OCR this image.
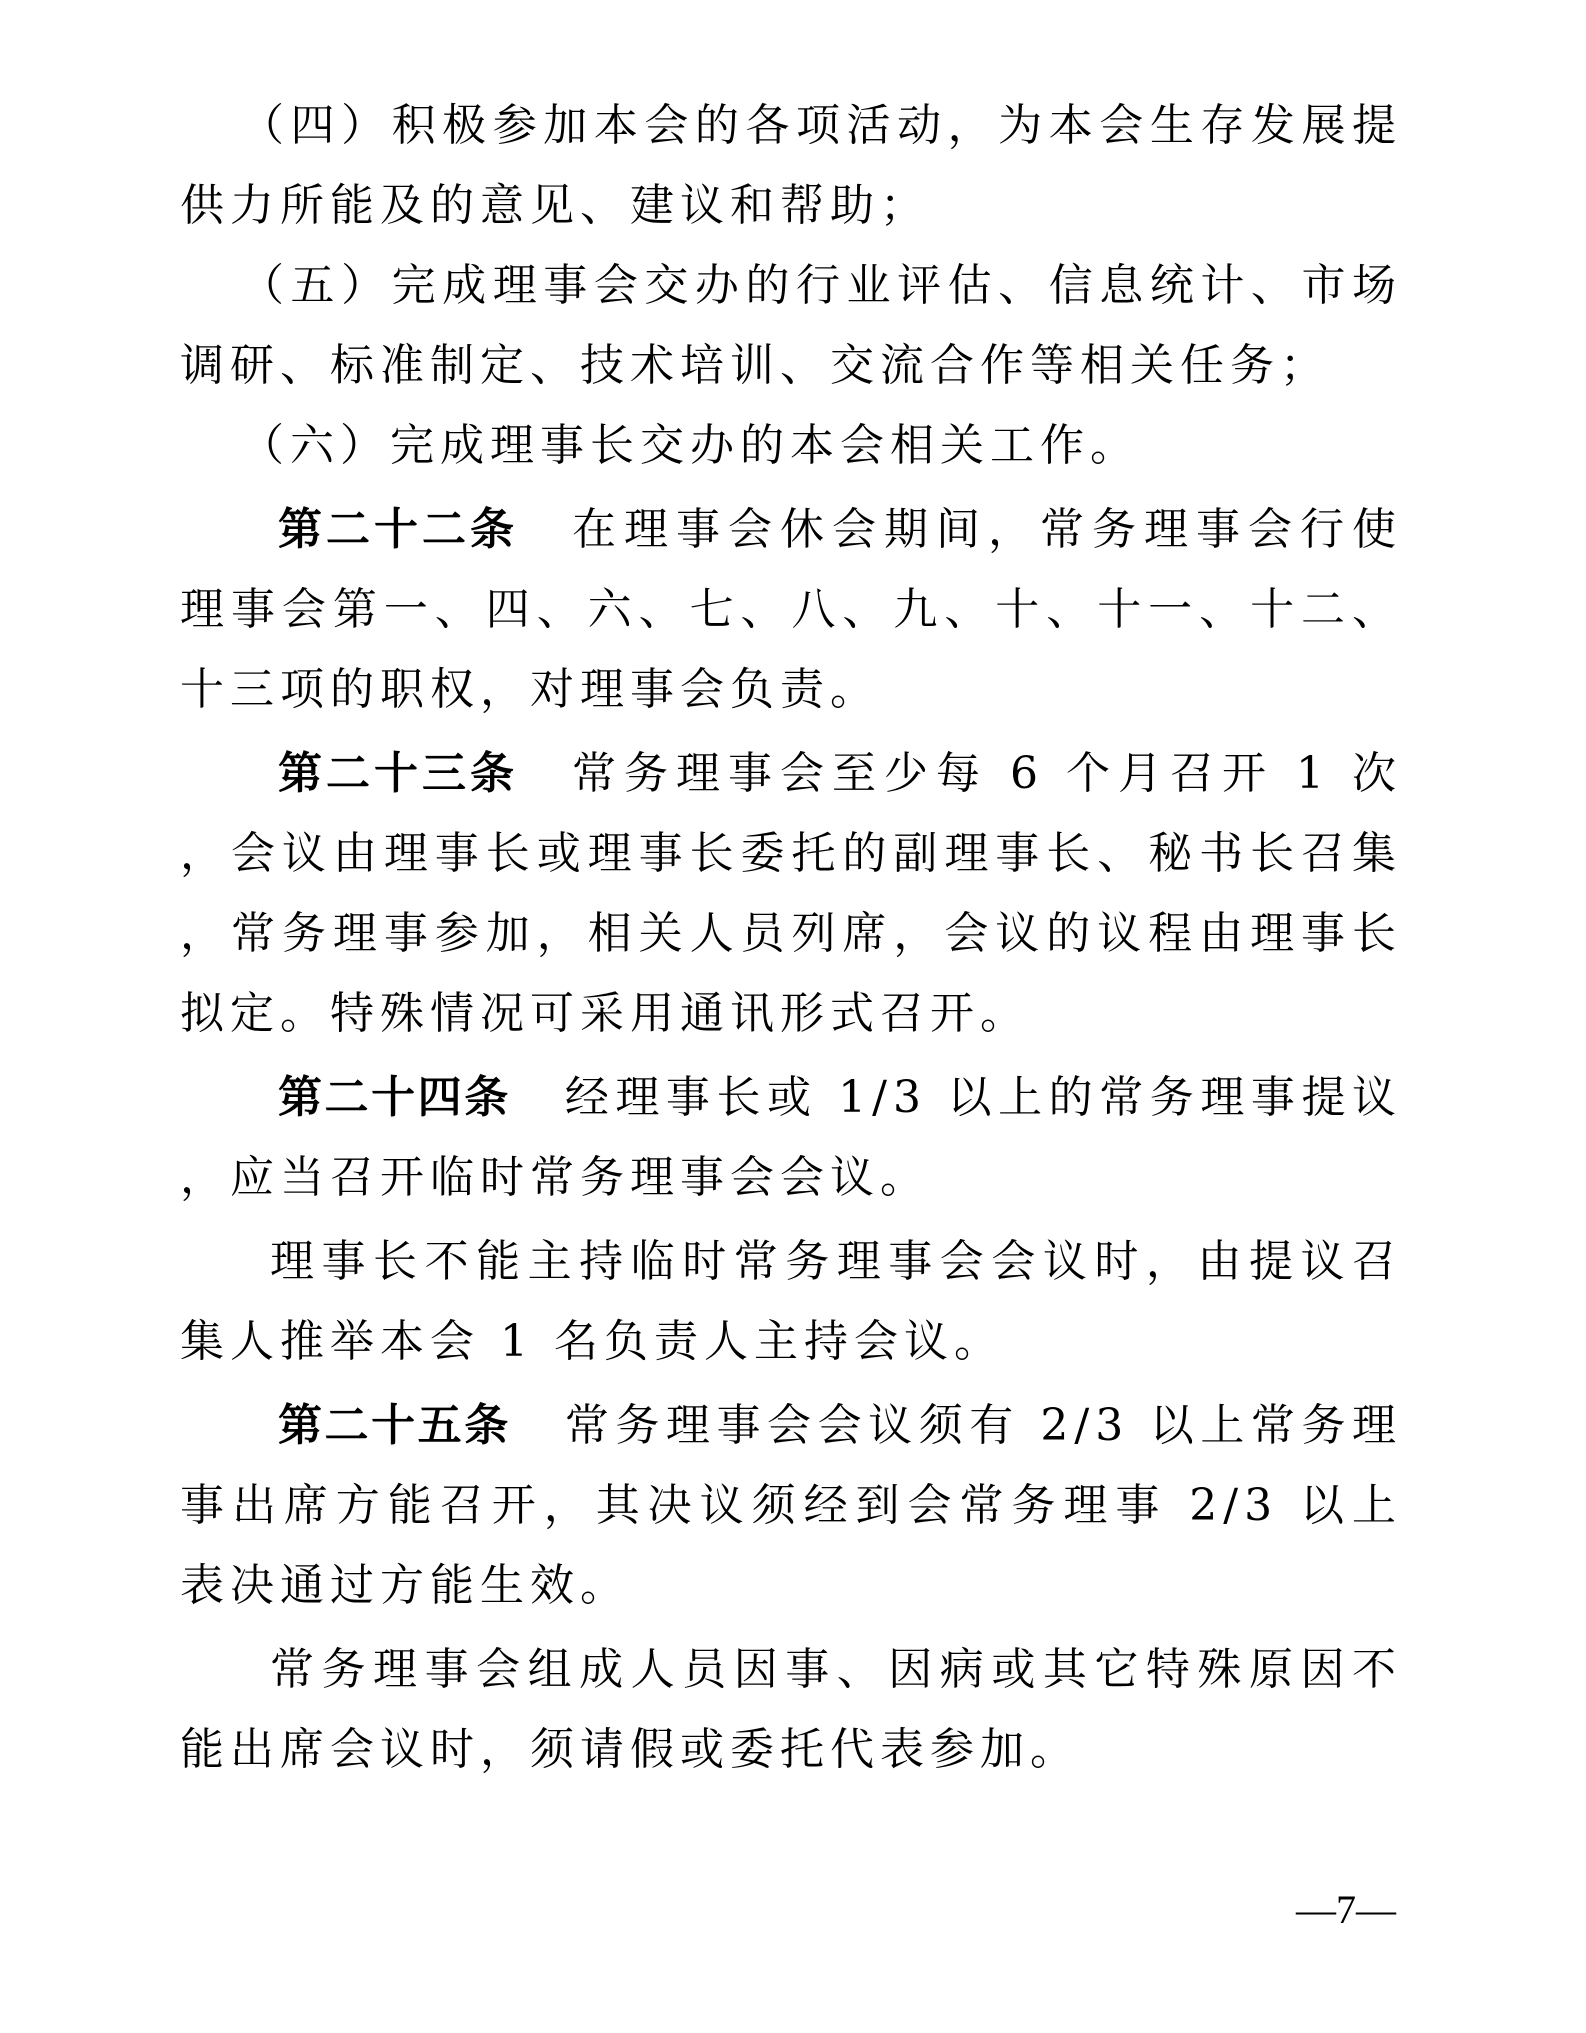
（四）积极参加本会的各项活动，为本会生存发展提供力所能及的意见、建议和帮助；

（五）完成理事会交办的行业评估、信息统计、市场调研、标准制定、技术培训、交流合作等相关任务；

（六）完成理事长交办的本会相关工作。

第二十二条 在理事会休会期间，常务理事会行使理事会第一、四、六、七、八、九、十、十一、十二、十三项的职权，对理事会负责。

第二十三条 常务理事会至少每 6 个月召开 1 次，会议由理事长或理事长委托的副理事长、秘书长召集，常务理事参加，相关人员列席，会议的议程由理事长拟定。特殊情况可采用通讯形式召开。

第二十四条 经理事长或 1/3 以上的常务理事提议，应当召开临时常务理事会会议。

理事长不能主持临时常务理事会会议时，由提议召集人推举本会 1 名负责人主持会议。

第二十五条 常务理事会会议须有 2/3 以上常务理事出席方能召开，其决议须经到会常务理事 2/3 以上表决通过方能生效。

常务理事会组成人员因事、因病或其它特殊原因不能出席会议时，须请假或委托代表参加。

—7—
